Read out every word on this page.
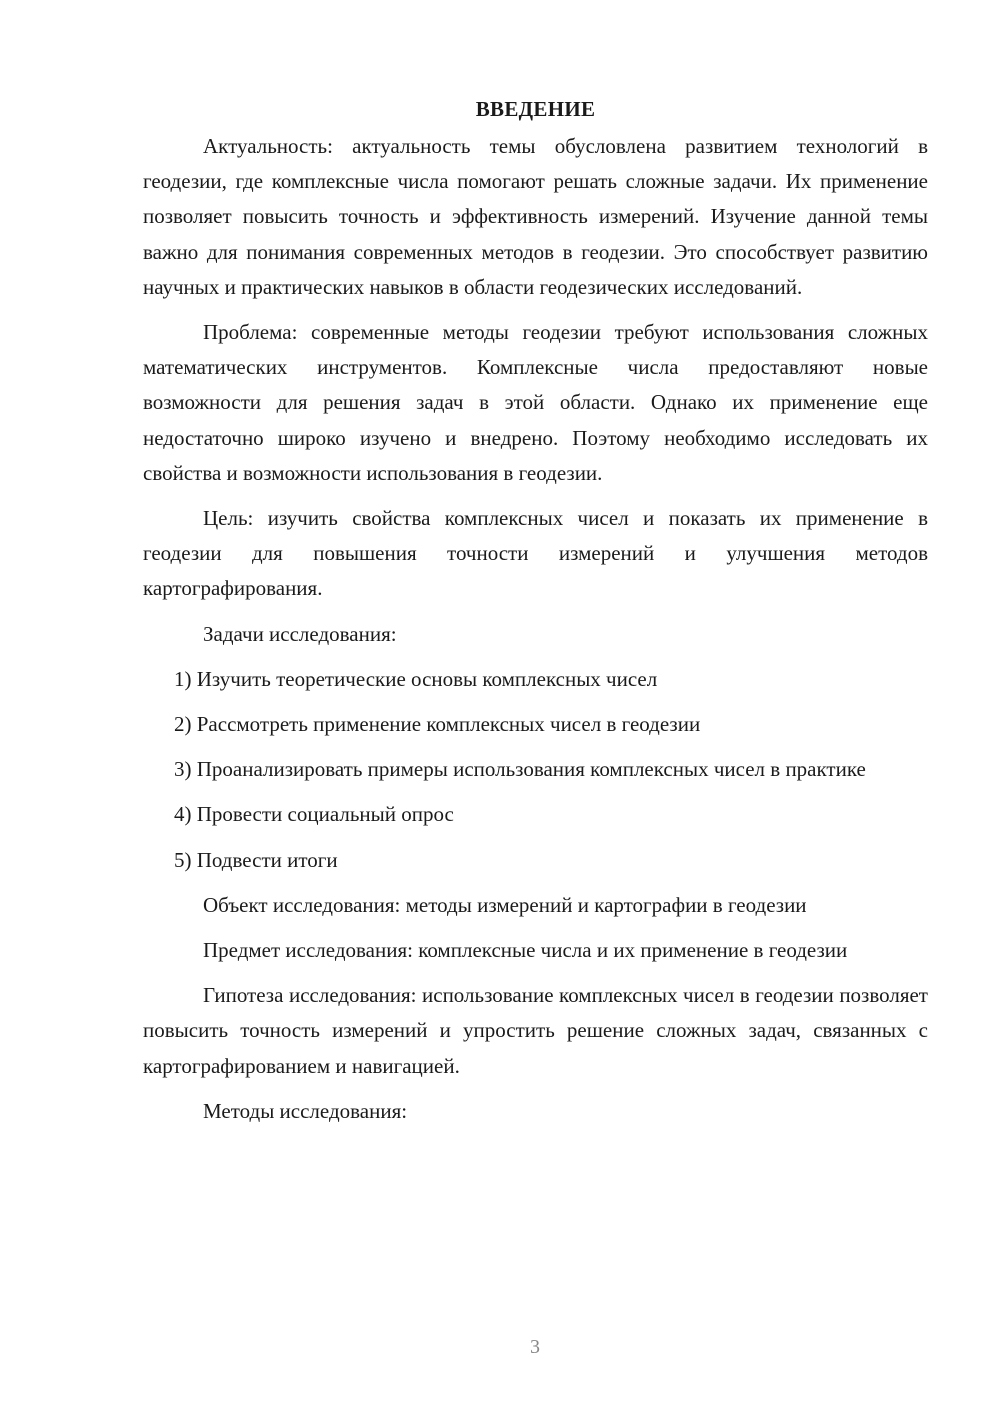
ВВЕДЕНИЕ

Актуальность: актуальность темы обусловлена развитием технологий в геодезии, где комплексные числа помогают решать сложные задачи. Их применение позволяет повысить точность и эффективность измерений. Изучение данной темы важно для понимания современных методов в геодезии. Это способствует развитию научных и практических навыков в области геодезических исследований.

Проблема: современные методы геодезии требуют использования сложных математических инструментов. Комплексные числа предоставляют новые возможности для решения задач в этой области. Однако их применение еще недостаточно широко изучено и внедрено. Поэтому необходимо исследовать их свойства и возможности использования в геодезии.

Цель: изучить свойства комплексных чисел и показать их применение в геодезии для повышения точности измерений и улучшения методов картографирования.

Задачи исследования:

1) Изучить теоретические основы комплексных чисел

2) Рассмотреть применение комплексных чисел в геодезии

3) Проанализировать примеры использования комплексных чисел в практике

4) Провести социальный опрос

5) Подвести итоги

Объект исследования: методы измерений и картографии в геодезии

Предмет исследования: комплексные числа и их применение в геодезии

Гипотеза исследования: использование комплексных чисел в геодезии позволяет повысить точность измерений и упростить решение сложных задач, связанных с картографированием и навигацией.

Методы исследования:

3
